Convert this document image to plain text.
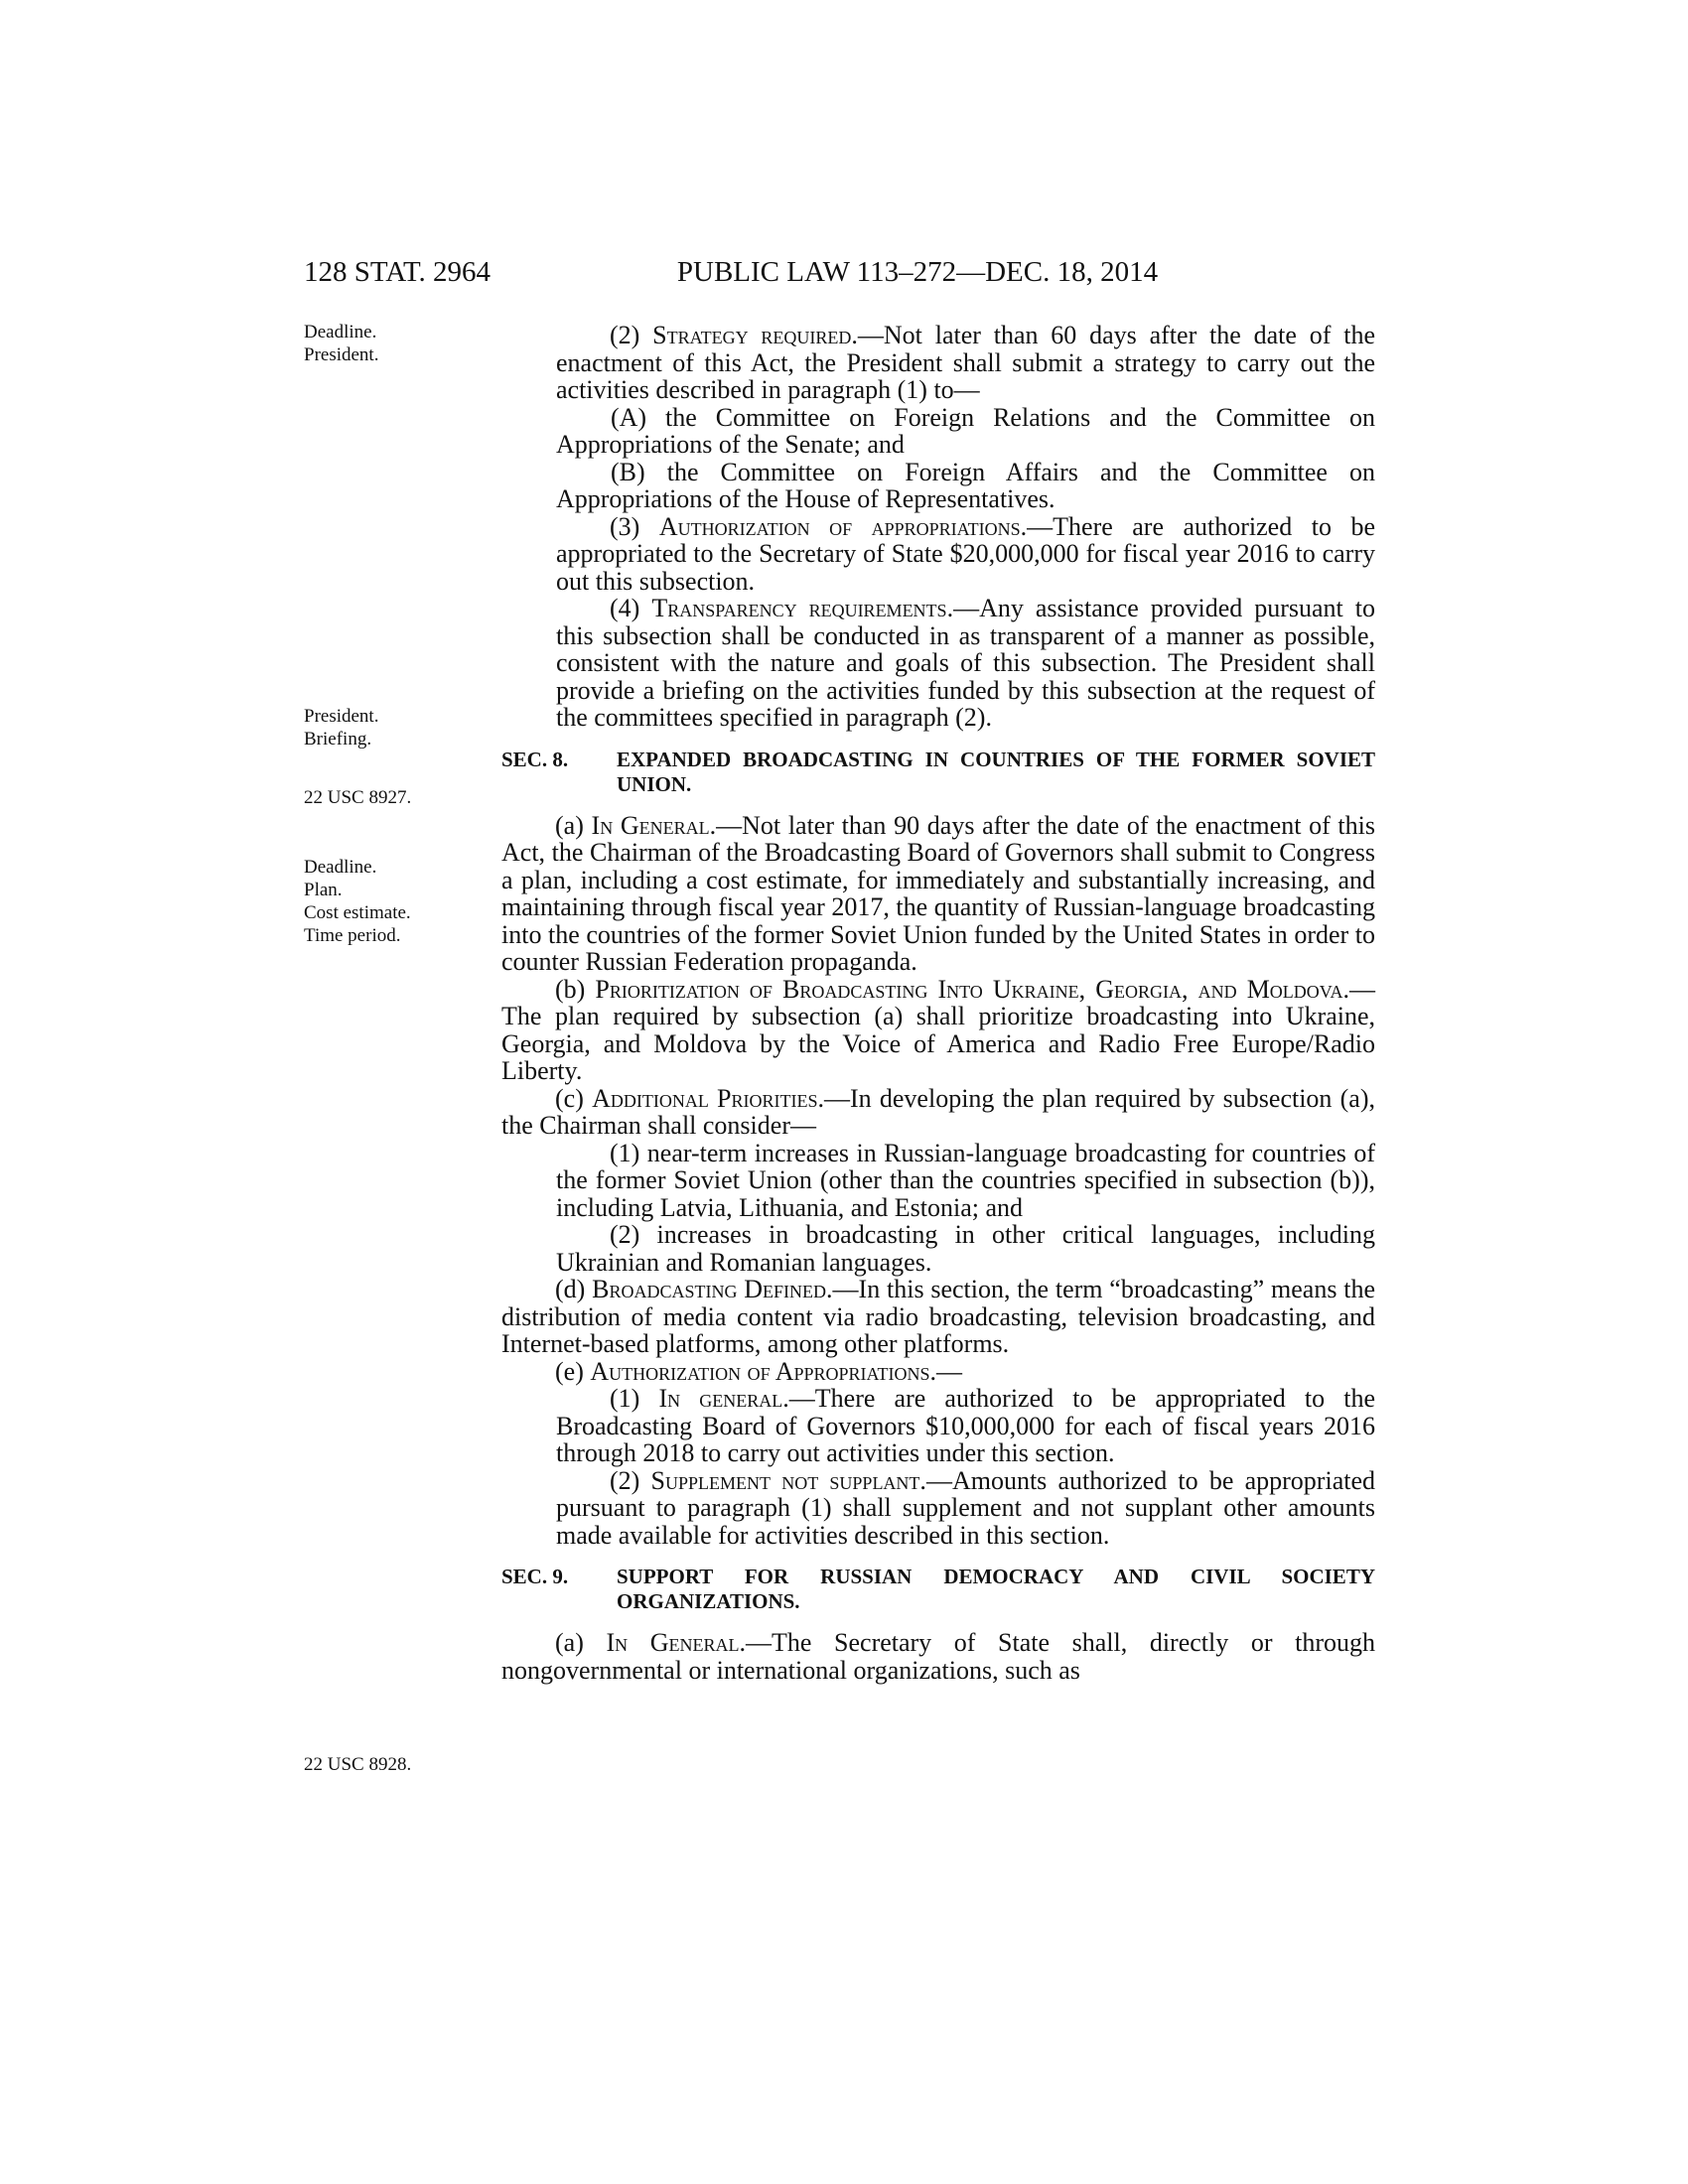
128 STAT. 2964	PUBLIC LAW 113–272—DEC. 18, 2014
Deadline.
President.
President.
Briefing.
22 USC 8927.
Deadline.
Plan.
Cost estimate.
Time period.
22 USC 8928.

(2) Strategy required.—Not later than 60 days after the date of the enactment of this Act, the President shall submit a strategy to carry out the activities described in paragraph (1) to—

(A) the Committee on Foreign Relations and the Committee on Appropriations of the Senate; and

(B) the Committee on Foreign Affairs and the Committee on Appropriations of the House of Representatives.

(3) Authorization of appropriations.—There are authorized to be appropriated to the Secretary of State $20,000,000 for fiscal year 2016 to carry out this subsection.

(4) Transparency requirements.—Any assistance provided pursuant to this subsection shall be conducted in as transparent of a manner as possible, consistent with the nature and goals of this subsection. The President shall provide a briefing on the activities funded by this subsection at the request of the committees specified in paragraph (2).

SEC. 8. EXPANDED BROADCASTING IN COUNTRIES OF THE FORMER SOVIET UNION.

(a) In General.—Not later than 90 days after the date of the enactment of this Act, the Chairman of the Broadcasting Board of Governors shall submit to Congress a plan, including a cost estimate, for immediately and substantially increasing, and maintaining through fiscal year 2017, the quantity of Russian-language broadcasting into the countries of the former Soviet Union funded by the United States in order to counter Russian Federation propaganda.

(b) Prioritization of Broadcasting Into Ukraine, Georgia, and Moldova.—The plan required by subsection (a) shall prioritize broadcasting into Ukraine, Georgia, and Moldova by the Voice of America and Radio Free Europe/Radio Liberty.

(c) Additional Priorities.—In developing the plan required by subsection (a), the Chairman shall consider—

(1) near-term increases in Russian-language broadcasting for countries of the former Soviet Union (other than the countries specified in subsection (b)), including Latvia, Lithuania, and Estonia; and

(2) increases in broadcasting in other critical languages, including Ukrainian and Romanian languages.

(d) Broadcasting Defined.—In this section, the term “broadcasting” means the distribution of media content via radio broadcasting, television broadcasting, and Internet-based platforms, among other platforms.

(e) Authorization of Appropriations.—

(1) In general.—There are authorized to be appropriated to the Broadcasting Board of Governors $10,000,000 for each of fiscal years 2016 through 2018 to carry out activities under this section.

(2) Supplement not supplant.—Amounts authorized to be appropriated pursuant to paragraph (1) shall supplement and not supplant other amounts made available for activities described in this section.

SEC. 9. SUPPORT FOR RUSSIAN DEMOCRACY AND CIVIL SOCIETY ORGANIZATIONS.

(a) In General.—The Secretary of State shall, directly or through nongovernmental or international organizations, such as
